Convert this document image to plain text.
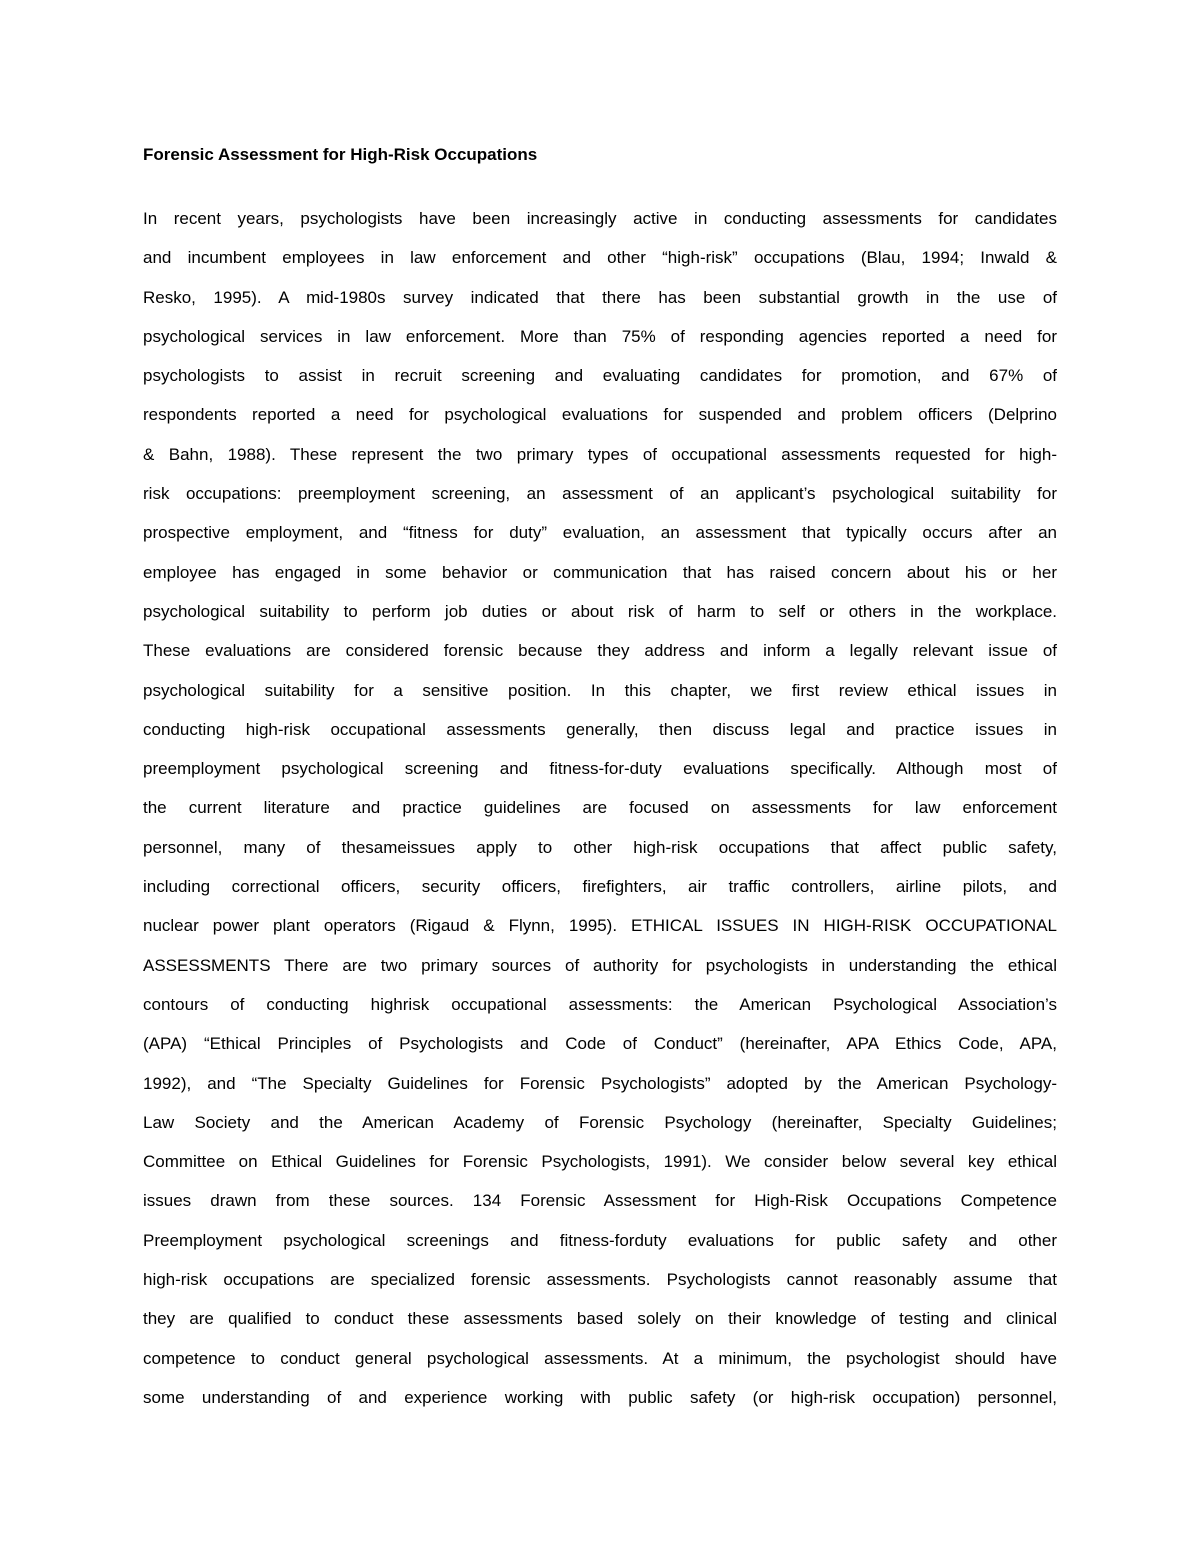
Forensic Assessment for High-Risk Occupations
In recent years, psychologists have been increasingly active in conducting assessments for candidates
and incumbent employees in law enforcement and other “high-risk” occupations (Blau, 1994; Inwald &
Resko, 1995). A mid-1980s survey indicated that there has been substantial growth in the use of
psychological services in law enforcement. More than 75% of responding agencies reported a need for
psychologists to assist in recruit screening and evaluating candidates for promotion, and 67% of
respondents reported a need for psychological evaluations for suspended and problem officers (Delprino
& Bahn, 1988). These represent the two primary types of occupational assessments requested for high-
risk occupations: preemployment screening, an assessment of an applicant’s psychological suitability for
prospective employment, and “fitness for duty” evaluation, an assessment that typically occurs after an
employee has engaged in some behavior or communication that has raised concern about his or her
psychological suitability to perform job duties or about risk of harm to self or others in the workplace.
These evaluations are considered forensic because they address and inform a legally relevant issue of
psychological suitability for a sensitive position. In this chapter, we first review ethical issues in
conducting high-risk occupational assessments generally, then discuss legal and practice issues in
preemployment psychological screening and fitness-for-duty evaluations specifically. Although most of
the current literature and practice guidelines are focused on assessments for law enforcement
personnel, many of thesameissues apply to other high-risk occupations that affect public safety,
including correctional officers, security officers, firefighters, air traffic controllers, airline pilots, and
nuclear power plant operators (Rigaud & Flynn, 1995). ETHICAL ISSUES IN HIGH-RISK OCCUPATIONAL
ASSESSMENTS There are two primary sources of authority for psychologists in understanding the ethical
contours of conducting highrisk occupational assessments: the American Psychological Association’s
(APA) “Ethical Principles of Psychologists and Code of Conduct” (hereinafter, APA Ethics Code, APA,
1992), and “The Specialty Guidelines for Forensic Psychologists” adopted by the American Psychology-
Law Society and the American Academy of Forensic Psychology (hereinafter, Specialty Guidelines;
Committee on Ethical Guidelines for Forensic Psychologists, 1991). We consider below several key ethical
issues drawn from these sources. 134 Forensic Assessment for High-Risk Occupations Competence
Preemployment psychological screenings and fitness-forduty evaluations for public safety and other
high-risk occupations are specialized forensic assessments. Psychologists cannot reasonably assume that
they are qualified to conduct these assessments based solely on their knowledge of testing and clinical
competence to conduct general psychological assessments. At a minimum, the psychologist should have
some understanding of and experience working with public safety (or high-risk occupation) personnel,
